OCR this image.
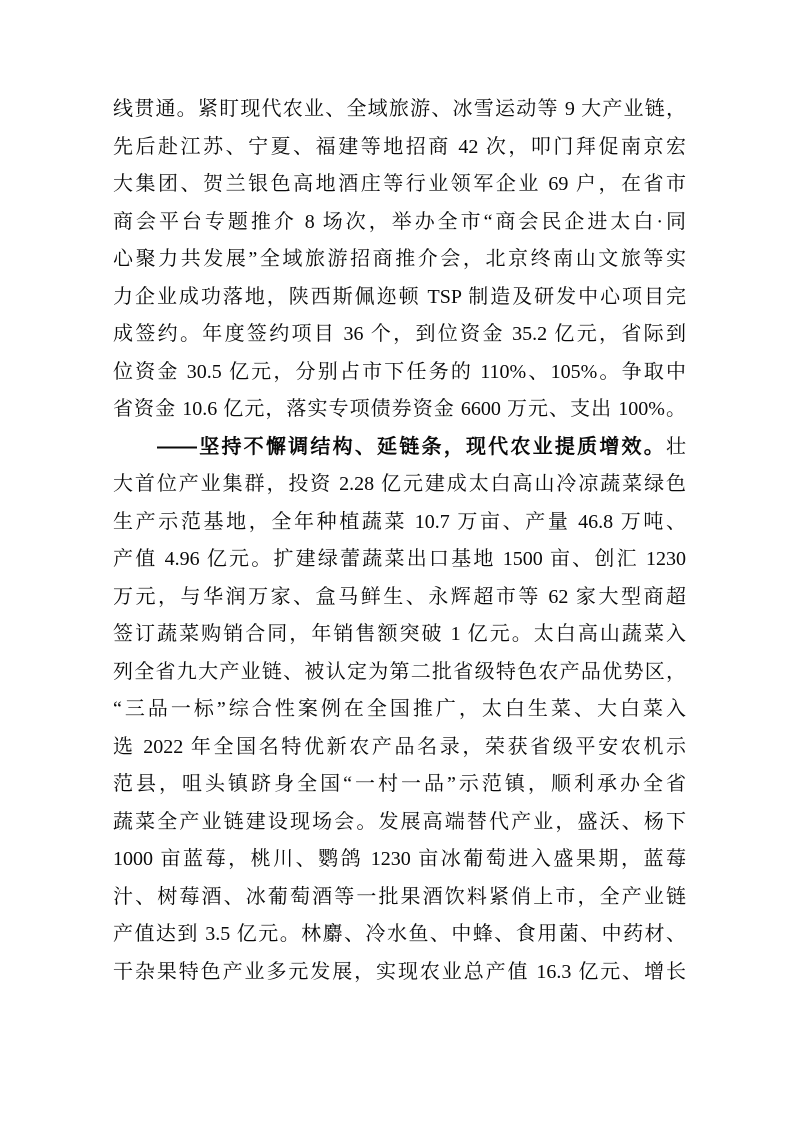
线贯通。紧盯现代农业、全域旅游、冰雪运动等 9 大产业链，
先后赴江苏、宁夏、福建等地招商 42 次，叩门拜促南京宏
大集团、贺兰银色高地酒庄等行业领军企业 69 户，在省市
商会平台专题推介 8 场次，举办全市“商会民企进太白·同
心聚力共发展”全域旅游招商推介会，北京终南山文旅等实
力企业成功落地，陕西斯佩迩顿 TSP 制造及研发中心项目完
成签约。年度签约项目 36 个，到位资金 35.2 亿元，省际到
位资金 30.5 亿元，分别占市下任务的 110%、105%。争取中
省资金 10.6 亿元，落实专项债券资金 6600 万元、支出 100%。
——坚持不懈调结构、延链条，现代农业提质增效。壮
大首位产业集群，投资 2.28 亿元建成太白高山冷凉蔬菜绿色
生产示范基地，全年种植蔬菜 10.7 万亩、产量 46.8 万吨、
产值 4.96 亿元。扩建绿蕾蔬菜出口基地 1500 亩、创汇 1230
万元，与华润万家、盒马鲜生、永辉超市等 62 家大型商超
签订蔬菜购销合同，年销售额突破 1 亿元。太白高山蔬菜入
列全省九大产业链、被认定为第二批省级特色农产品优势区，
“三品一标”综合性案例在全国推广，太白生菜、大白菜入
选 2022 年全国名特优新农产品名录，荣获省级平安农机示
范县，咀头镇跻身全国“一村一品”示范镇，顺利承办全省
蔬菜全产业链建设现场会。发展高端替代产业，盛沃、杨下
1000 亩蓝莓，桃川、鹦鸽 1230 亩冰葡萄进入盛果期，蓝莓
汁、树莓酒、冰葡萄酒等一批果酒饮料紧俏上市，全产业链
产值达到 3.5 亿元。林麝、冷水鱼、中蜂、食用菌、中药材、
干杂果特色产业多元发展，实现农业总产值 16.3 亿元、增长
